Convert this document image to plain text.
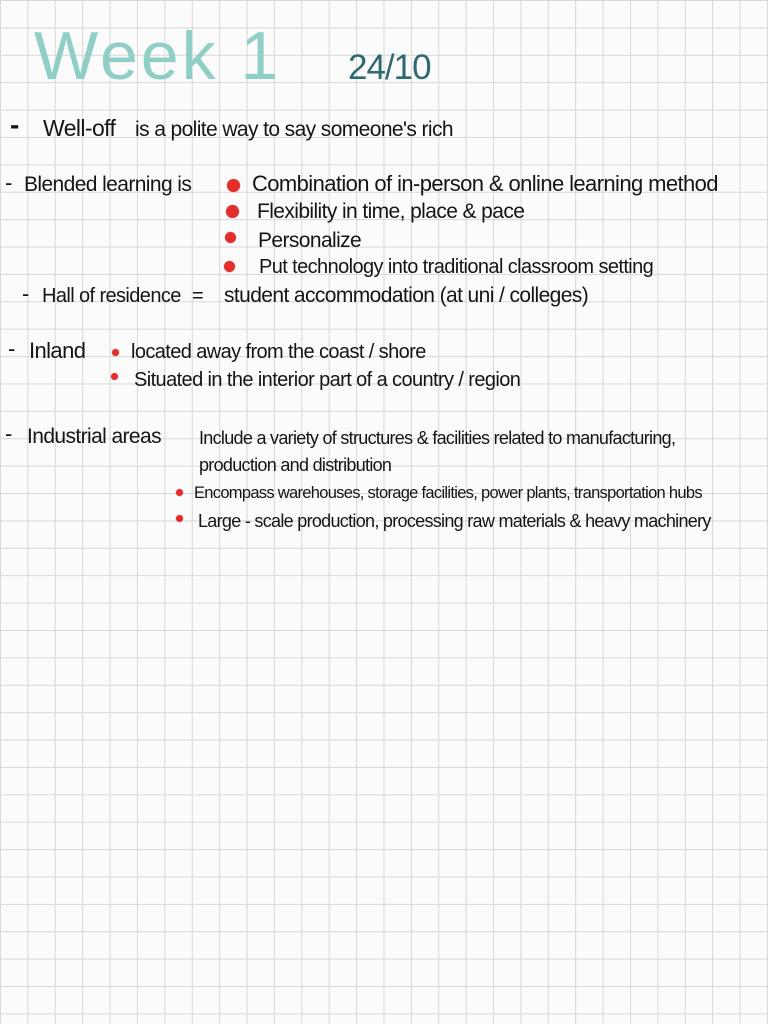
Week 1 24/10
- Well-off is a polite way to say someone's rich
- Blended learning is	Combination of in-person & online learning method
Flexibility in time, place & pace
Personalize
Put technology into traditional classroom setting
- Hall of residence = student accommodation (at uni / colleges)
- Inland located away from the coast / shore
Situated in the interior part of a country / region
- Industrial areas Include a variety of structures & facilities related to manufacturing,
production and distribution
Encompass warehouses, storage facilities, power plants, transportation hubs
Large - scale production, processing raw materials & heavy machinery
